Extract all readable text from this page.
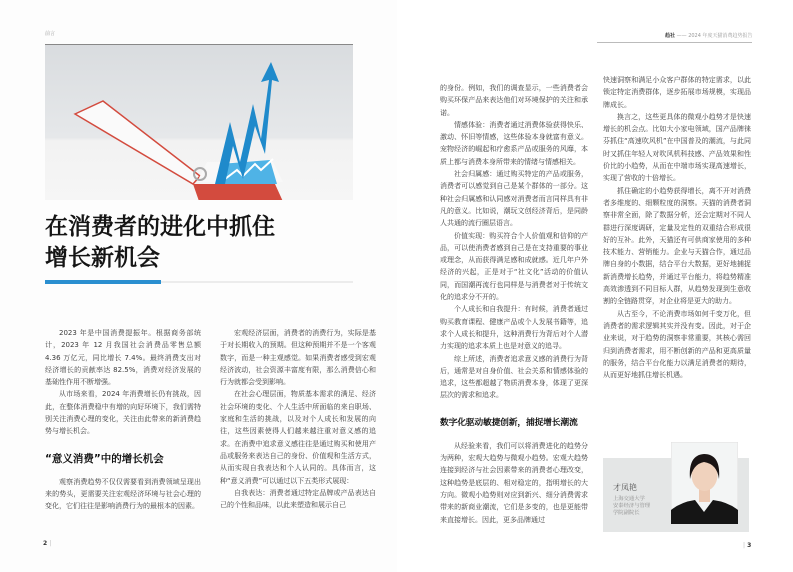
前言
在消费者的进化中抓住
增长新机会

2023 年是中国消费提振年。根据商务部统计，2023 年 12 月我国社会消费品零售总额 4.36 万亿元，同比增长 7.4%。最终消费支出对经济增长的贡献率达 82.5%，消费对经济发展的基础性作用不断增强。

从市场来看，2024 年消费增长仍有挑战，因此，在整体消费稳中有增的向好环境下，我们需特别关注消费心理的变化，关注由此带来的新消费趋势与增长机会。

“意义消费”中的增长机会

观察消费趋势不仅仅需要看到消费领域呈现出来的势头，更需要关注宏观经济环境与社会心理的变化，它们往往是影响消费行为的最根本的因素。

宏观经济层面，消费者的消费行为，实际是基于对长期收入的预期。但这种预期并不是一个客观数字，而是一种主观感觉。如果消费者感受到宏观经济波动，社会资源丰富度有限，那么消费信心和行为就都会受到影响。

在社会心理层面，物质基本需求的满足、经济社会环境的变化、个人生活中所面临的来自职场、家庭和生活的挑战，以及对个人成长和发展的向往，这些因素使得人们越来越注重对意义感的追求。在消费中追求意义感往往是通过购买和使用产品或服务来表达自己的身份、价值观和生活方式，从而实现自我表达和个人认同的。具体而言，这种“意义消费”可以通过以下五类形式展现：

自我表达：消费者通过特定品牌或产品表达自己的个性和品味，以此来塑造和展示自己

2 |
趋社 —— 2024 年度天猫消费趋势报告

的身份。例如，我们的调查显示，一些消费者会购买环保产品来表达他们对环境保护的关注和承诺。

情感体验：消费者通过消费体验获得快乐、激动、怀旧等情感，这些体验本身就富有意义。宠物经济的崛起和疗愈系产品或服务的风靡，本质上都与消费本身所带来的情绪与情感相关。

社会归属感：通过购买特定的产品或服务，消费者可以感觉到自己是某个群体的一部分。这种社会归属感和认同感对消费者而言同样具有非凡的意义。比如说，潮玩文创经济背后，是同龄人共通的流行圈层语言。

价值实现：购买符合个人价值观和信仰的产品，可以使消费者感到自己是在支持重要的事业或理念，从而获得满足感和成就感。近几年户外经济的兴起，正是对于“社文化”活动的价值认同，而国潮再流行也同样是与消费者对于传统文化的追求分不开的。

个人成长和自我提升：有时候，消费者通过购买教育课程、健康产品或个人发展书籍等，追求个人成长和提升，这种消费行为背后对个人潜力实现的追求本质上也是对意义的追寻。

综上所述，消费者追求意义感的消费行为背后，通常是对自身价值、社会关系和情感体验的追求，这些都超越了物质消费本身，体现了更深层次的需求和追求。

数字化驱动敏捷创新，捕捉增长潮流

从经验来看，我们可以将消费进化的趋势分为两种，宏观大趋势与微观小趋势。宏观大趋势连接到经济与社会因素带来的消费者心理改变，这种趋势是底层的、相对稳定的，指明增长的大方向。微观小趋势则对应到新兴、细分消费需求带来的新商业潮流，它们是多变的，也是更能带来直接增长。因此，更多品牌通过

快速洞察和满足小众客户群体的特定需求，以此锁定特定消费群体，逐步拓展市场规模，实现品牌成长。

换言之，这些更具体的微观小趋势才是快速增长的机会点。比如大小家电领域，国产品牌徕芬抓住“高速吹风机”在中国普及的潮流，与此同时又抓住年轻人对吹风机科技感、产品效果和性价比的小趋势，从而在中端市场实现高速增长，实现了营收的十倍增长。

抓住确定的小趋势获得增长，离不开对消费者多维度的、细颗粒度的洞察。天猫的消费者洞察非常全面，除了数据分析，还会定期对不同人群进行深度调研，定量及定性的双重结合形成很好的互补。此外，天猫还有可供商家使用的多种技术能力、营销能力。企业与天猫合作，通过品牌自身的小数据，结合平台大数据，更好地捕捉新消费增长趋势，并通过平台能力，将趋势精准高效渗透到不同目标人群，从趋势发现到生意收割的全链路贯穿，对企业将是更大的助力。

从古至今，不论消费市场如何千变万化，但消费者的需求逻辑其实并没有变。因此，对于企业来说，对于趋势的洞察非常重要，其核心需回归到消费者需求，用不断创新的产品和更高质量的服务，结合平台化能力以满足消费者的期待，从而更好地抓住增长机遇。

才凤艳
上海交通大学
安泰经济与管理
学院副院长
| 3
